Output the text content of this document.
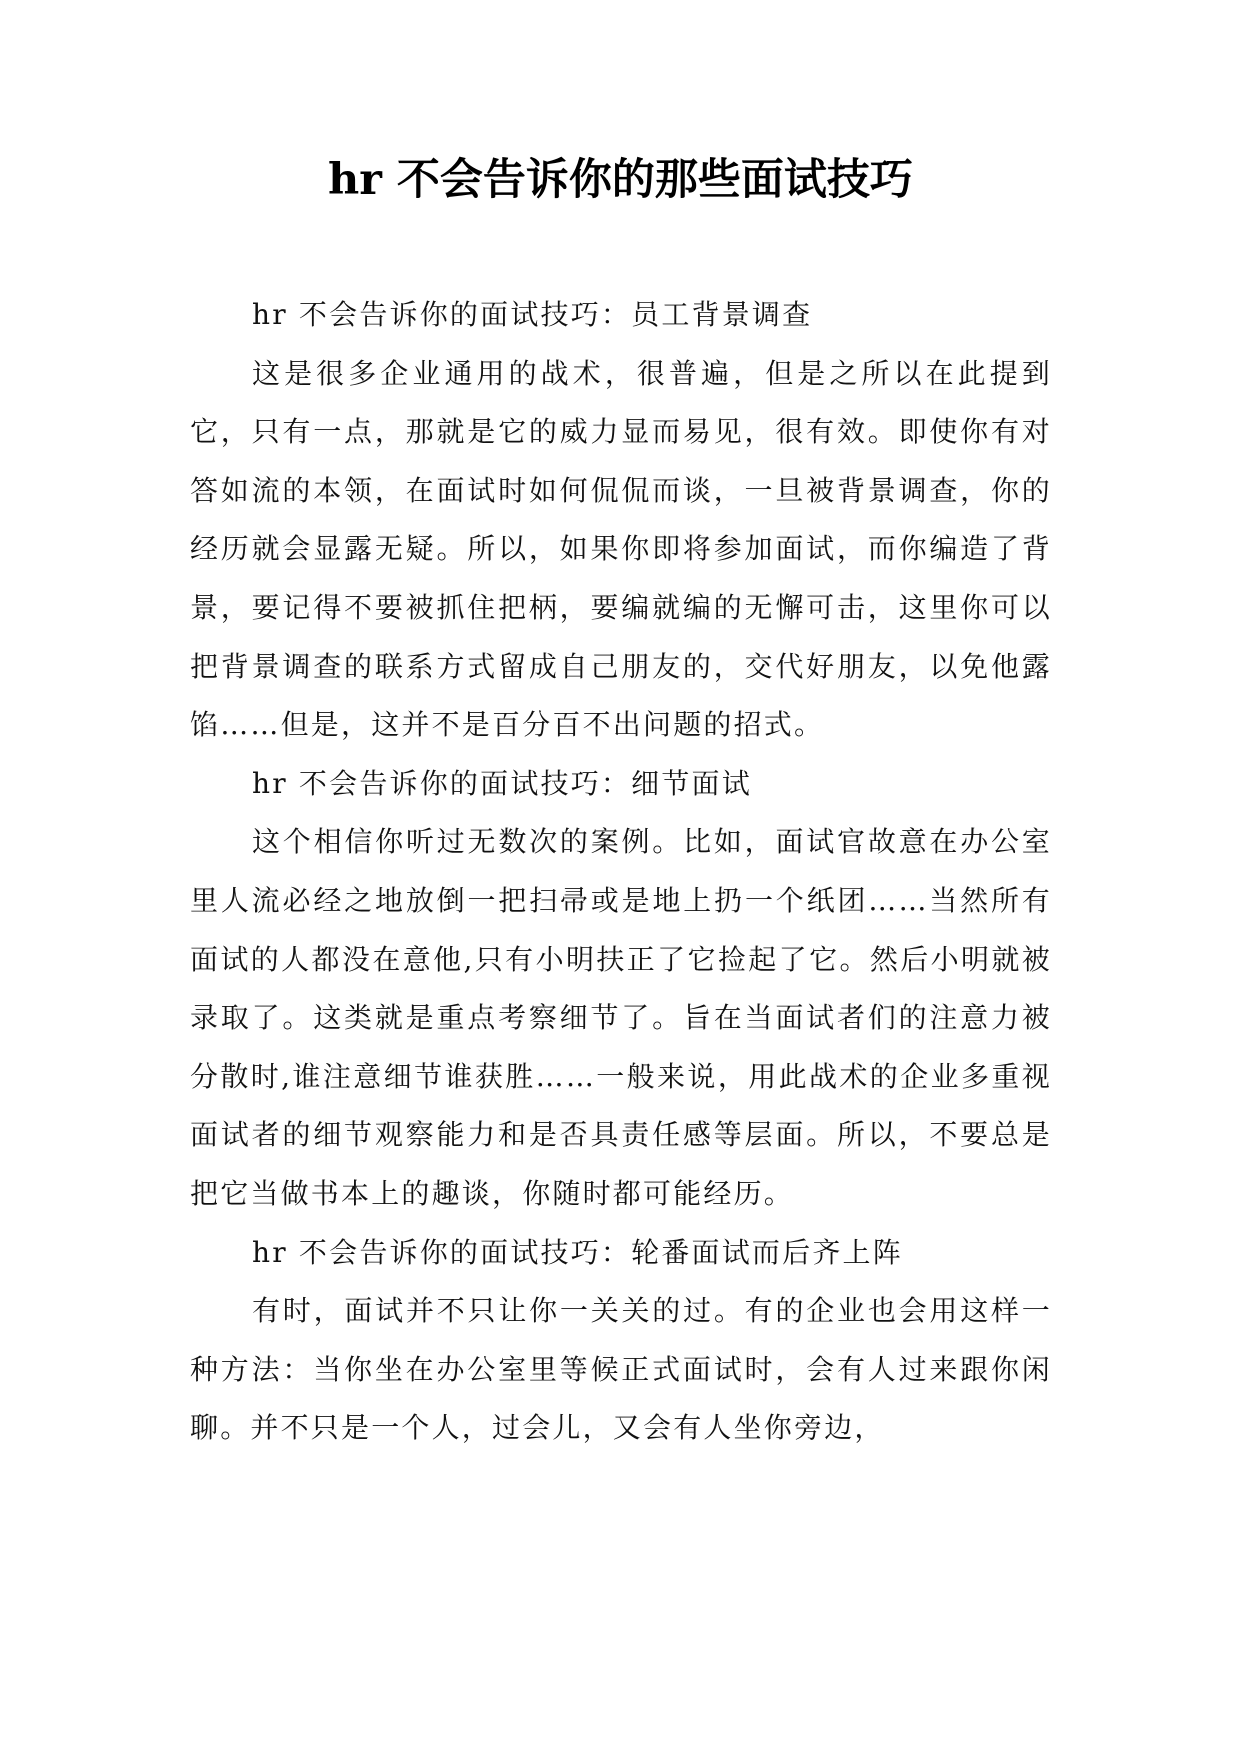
hr 不会告诉你的那些面试技巧

hr 不会告诉你的面试技巧：员工背景调查

这是很多企业通用的战术，很普遍，但是之所以在此提到它，只有一点，那就是它的威力显而易见，很有效。即使你有对答如流的本领，在面试时如何侃侃而谈，一旦被背景调查，你的经历就会显露无疑。所以，如果你即将参加面试，而你编造了背景，要记得不要被抓住把柄，要编就编的无懈可击，这里你可以把背景调查的联系方式留成自己朋友的，交代好朋友，以免他露馅……但是，这并不是百分百不出问题的招式。

hr 不会告诉你的面试技巧：细节面试

这个相信你听过无数次的案例。比如，面试官故意在办公室里人流必经之地放倒一把扫帚或是地上扔一个纸团……当然所有面试的人都没在意他,只有小明扶正了它捡起了它。然后小明就被录取了。这类就是重点考察细节了。旨在当面试者们的注意力被分散时,谁注意细节谁获胜……一般来说，用此战术的企业多重视面试者的细节观察能力和是否具责任感等层面。所以，不要总是把它当做书本上的趣谈，你随时都可能经历。

hr 不会告诉你的面试技巧：轮番面试而后齐上阵

有时，面试并不只让你一关关的过。有的企业也会用这样一种方法：当你坐在办公室里等候正式面试时，会有人过来跟你闲聊。并不只是一个人，过会儿，又会有人坐你旁边，
